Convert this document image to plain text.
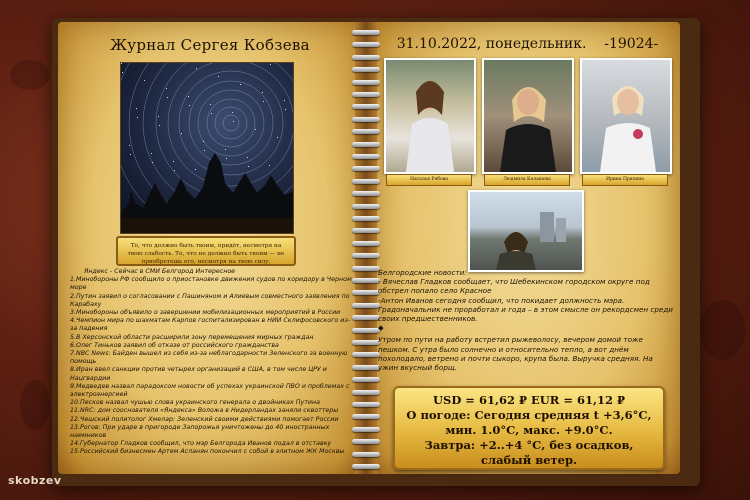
Журнал Сергея Кобзева
То, что должно быть твоим, придёт, несмотря на твою слабость. То, что не должно быть твоим — не приобретешь его, несмотря на твою силу.
Яндекс - Сейчас в СМИ Белгород Интересное
1.Минобороны РФ сообщило о приостановке движения судов по коридору в Черном море
2.Путин заявил о согласовании с Пашиняном и Алиевым совместного заявления по Карабаху
3.Минобороны объявило о завершении мобилизационных мероприятий в России
4.Чемпион мира по шахматам Карпов госпитализирован в НИИ Склифосовского из-за падения
5.В Херсонской области расширили зону перемещения мирных граждан
6.Олег Тиньков заявил об отказе от российского гражданства
7.NBC News: Байден вышел из себя из-за неблагодарности Зеленского за военную помощь
8.Иран ввел санкции против четырех организаций в США, в том числе ЦРУ и Нацгвардии
9.Медведев назвал парадоксом новости об успехах украинской ПВО и проблемах с электроэнергией
10.Песков назвал чушью слова украинского генерала о двойниках Путина
11.NRC: дом сооснователя «Яндекса» Воложа в Нидерландах заняли сквоттеры
12.Чешский политолог Хмелар: Зеленский своими действиями помогает России
13.Рогов: При ударе в пригороде Запорожья уничтожены до 40 иностранных наемников
14.Губернатор Гладков сообщил, что мэр Белгорода Иванов подал в отставку
15.Российский бизнесмен Артем Асланян покончил с собой в элитном ЖК Москвы
31.10.2022, понедельник.    -19024-
Наталья Рябова	Людмила Калашова	Ирина Пряхина
Белгородские новости:
- Вячеслав Гладков сообщает, что Шебекинском городском округе под обстрел попало село Красное
-Антон Иванов сегодня сообщил, что покидает должность мэра. Градоначальник не проработал и года – в этом смысле он рекордсмен среди своих предшественников.
◆
Утром по пути на работу встретил рыжеволосу, вечером домой тоже пешком. С утра было солнечно и относительно тепло, а вот днём похолодало, ветрено и почти сыкоро, крупа была. Выручка средняя. На ужин вкусный борщ.
USD = 61,62 ₽ EUR = 61,12 ₽
О погоде: Сегодня средняя t +3,6°С,
мин. 1.0°С, макс. +9.0°С.
Завтра: +2..+4 °С, без осадков,
слабый ветер.
skobzev
